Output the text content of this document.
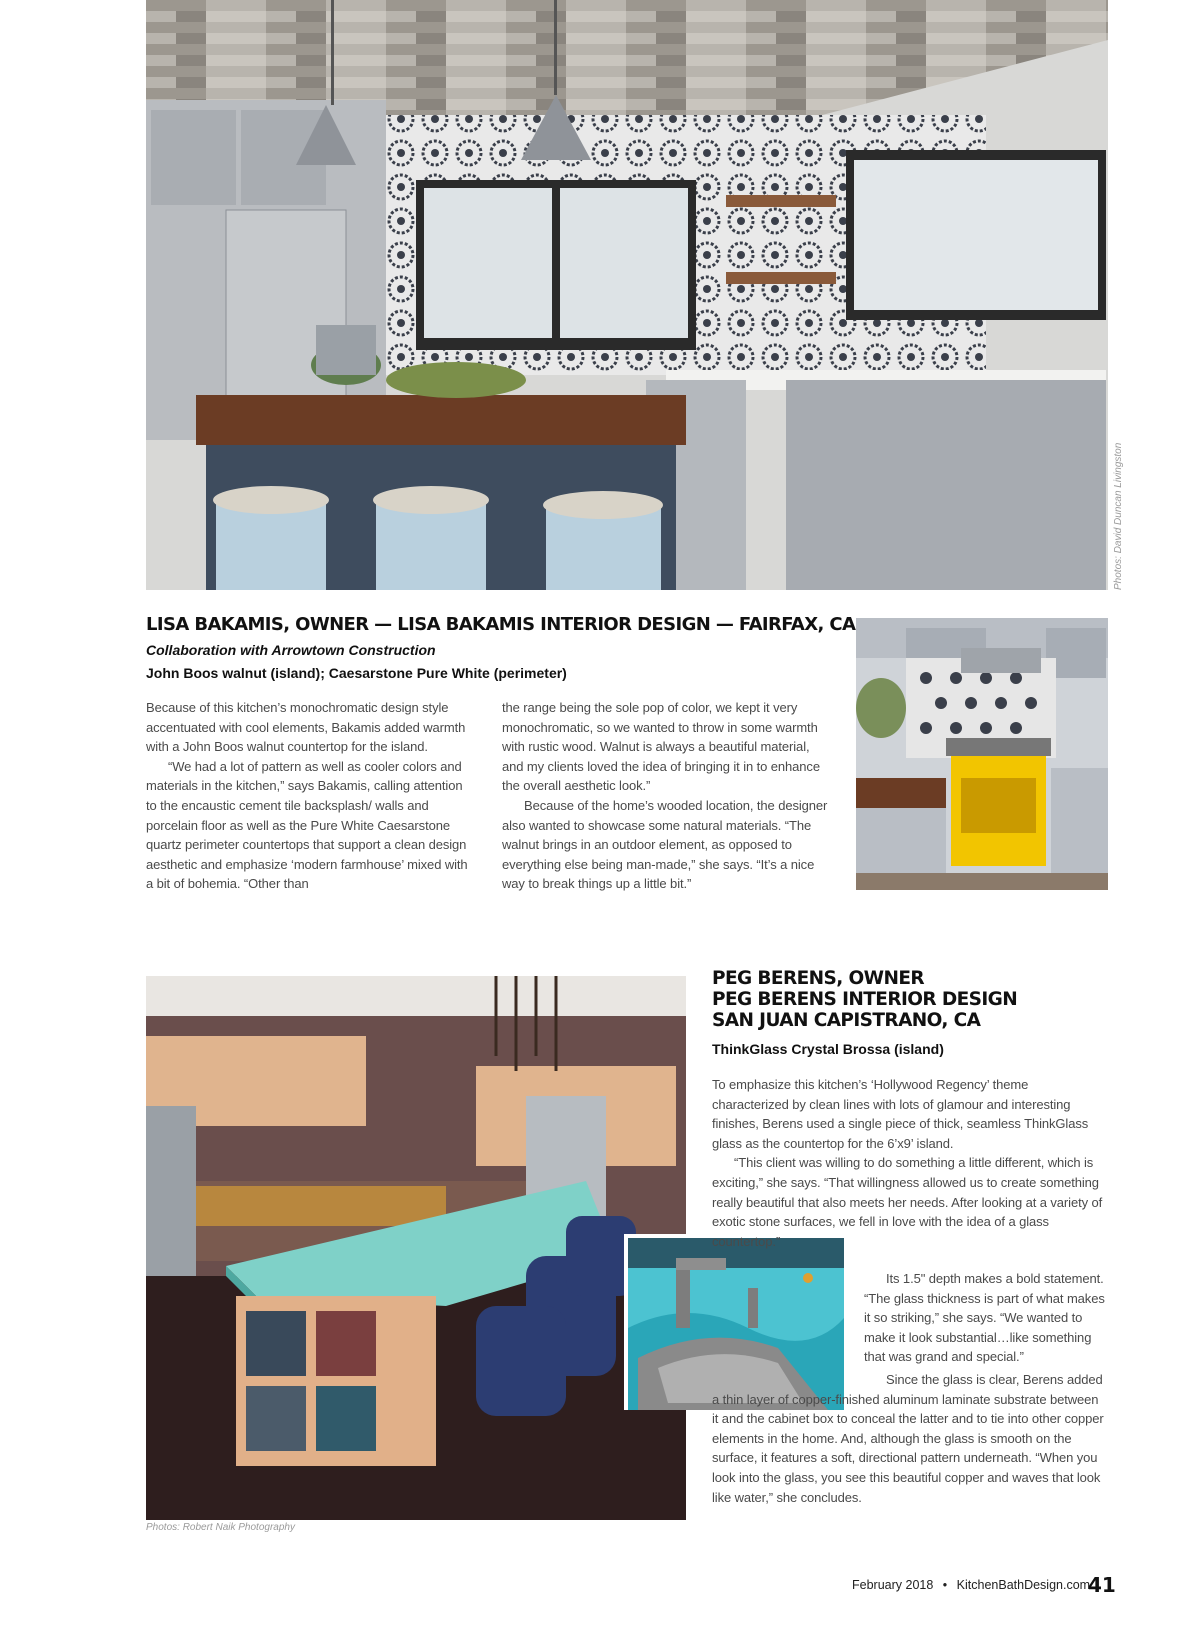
Photos: David Duncan Livingston
LISA BAKAMIS, OWNER — LISA BAKAMIS INTERIOR DESIGN — FAIRFAX, CA
Collaboration with Arrowtown Construction
John Boos walnut (island); Caesarstone Pure White (perimeter)

Because of this kitchen’s monochromatic design style accentuated with cool elements, Bakamis added warmth with a John Boos walnut countertop for the island.

“We had a lot of pattern as well as cooler colors and materials in the kitchen,” says Bakamis, calling attention to the encaustic cement tile backsplash/ walls and porcelain floor as well as the Pure White Caesarstone quartz perimeter countertops that support a clean design aesthetic and emphasize ‘modern farmhouse’ mixed with a bit of bohemia. “Other than

the range being the sole pop of color, we kept it very monochromatic, so we wanted to throw in some warmth with rustic wood. Walnut is always a beautiful material, and my clients loved the idea of bringing it in to enhance the overall aesthetic look.”

Because of the home’s wooded location, the designer also wanted to showcase some natural materials. “The walnut brings in an outdoor element, as opposed to everything else being man-made,” she says. “It’s a nice way to break things up a little bit.”

Photos: Robert Naik Photography
PEG BERENS, OWNER
PEG BERENS INTERIOR DESIGN
SAN JUAN CAPISTRANO, CA
ThinkGlass Crystal Brossa (island)

To emphasize this kitchen’s ‘Hollywood Regency’ theme characterized by clean lines with lots of glamour and interesting finishes, Berens used a single piece of thick, seamless ThinkGlass glass as the countertop for the 6’x9’ island.

“This client was willing to do something a little different, which is exciting,” she says. “That willingness allowed us to create something really beautiful that also meets her needs. After looking at a variety of exotic stone surfaces, we fell in love with the idea of a glass countertop.”

Its 1.5" depth makes a bold statement. “The glass thickness is part of what makes it so striking,” she says. “We wanted to make it look substantial…like something that was grand and special.”

Since the glass is clear, Berens added a thin layer of copper-finished aluminum laminate substrate between it and the cabinet box to conceal the latter and to tie into other copper elements in the home. And, although the glass is smooth on the surface, it features a soft, directional pattern underneath. “When you look into the glass, you see this beautiful copper and waves that look like water,” she concludes.

February 2018 • KitchenBathDesign.com
41
